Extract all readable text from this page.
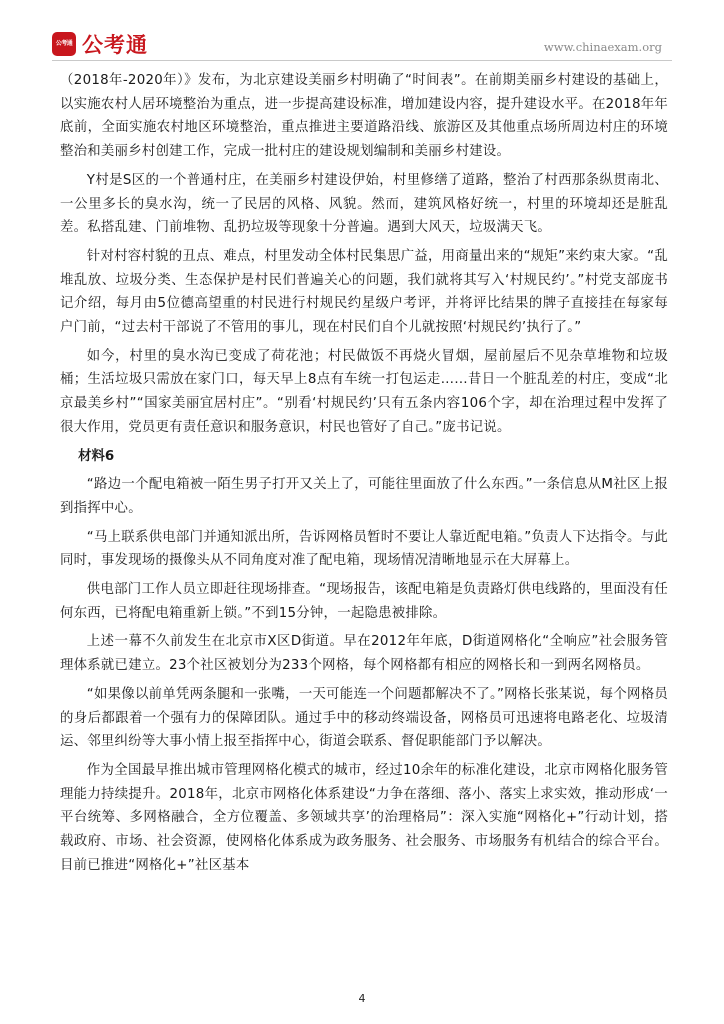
公考通 公考通	www.chinaexam.org

（2018年-2020年）》发布，为北京建设美丽乡村明确了“时间表”。在前期美丽乡村建设的基础上，以实施农村人居环境整治为重点，进一步提高建设标准，增加建设内容，提升建设水平。在2018年年底前，全面实施农村地区环境整治，重点推进主要道路沿线、旅游区及其他重点场所周边村庄的环境整治和美丽乡村创建工作，完成一批村庄的建设规划编制和美丽乡村建设。

Y村是S区的一个普通村庄，在美丽乡村建设伊始，村里修缮了道路，整治了村西那条纵贯南北、一公里多长的臭水沟，统一了民居的风格、风貌。然而，建筑风格好统一，村里的环境却还是脏乱差。私搭乱建、门前堆物、乱扔垃圾等现象十分普遍。遇到大风天，垃圾满天飞。

针对村容村貌的丑点、难点，村里发动全体村民集思广益，用商量出来的“规矩”来约束大家。“乱堆乱放、垃圾分类、生态保护是村民们普遍关心的问题，我们就将其写入‘村规民约’。”村党支部庞书记介绍，每月由5位德高望重的村民进行村规民约星级户考评，并将评比结果的牌子直接挂在每家每户门前，“过去村干部说了不管用的事儿，现在村民们自个儿就按照‘村规民约’执行了。”

如今，村里的臭水沟已变成了荷花池；村民做饭不再烧火冒烟，屋前屋后不见杂草堆物和垃圾桶；生活垃圾只需放在家门口，每天早上8点有车统一打包运走……昔日一个脏乱差的村庄，变成“北京最美乡村”“国家美丽宜居村庄”。“别看‘村规民约’只有五条内容106个字，却在治理过程中发挥了很大作用，党员更有责任意识和服务意识，村民也管好了自己。”庞书记说。

材料6

“路边一个配电箱被一陌生男子打开又关上了，可能往里面放了什么东西。”一条信息从M社区上报到指挥中心。

“马上联系供电部门并通知派出所，告诉网格员暂时不要让人靠近配电箱。”负责人下达指令。与此同时，事发现场的摄像头从不同角度对准了配电箱，现场情况清晰地显示在大屏幕上。

供电部门工作人员立即赶往现场排查。“现场报告，该配电箱是负责路灯供电线路的，里面没有任何东西，已将配电箱重新上锁。”不到15分钟，一起隐患被排除。

上述一幕不久前发生在北京市X区D街道。早在2012年年底，D街道网格化“全响应”社会服务管理体系就已建立。23个社区被划分为233个网格，每个网格都有相应的网格长和一到两名网格员。

“如果像以前单凭两条腿和一张嘴，一天可能连一个问题都解决不了。”网格长张某说，每个网格员的身后都跟着一个强有力的保障团队。通过手中的移动终端设备，网格员可迅速将电路老化、垃圾清运、邻里纠纷等大事小情上报至指挥中心，街道会联系、督促职能部门予以解决。

作为全国最早推出城市管理网格化模式的城市，经过10余年的标准化建设，北京市网格化服务管理能力持续提升。2018年，北京市网格化体系建设“力争在落细、落小、落实上求实效，推动形成‘一平台统筹、多网格融合，全方位覆盖、多领域共享’的治理格局”：深入实施“网格化+”行动计划，搭载政府、市场、社会资源，使网格化体系成为政务服务、社会服务、市场服务有机结合的综合平台。目前已推进“网格化+”社区基本

4
